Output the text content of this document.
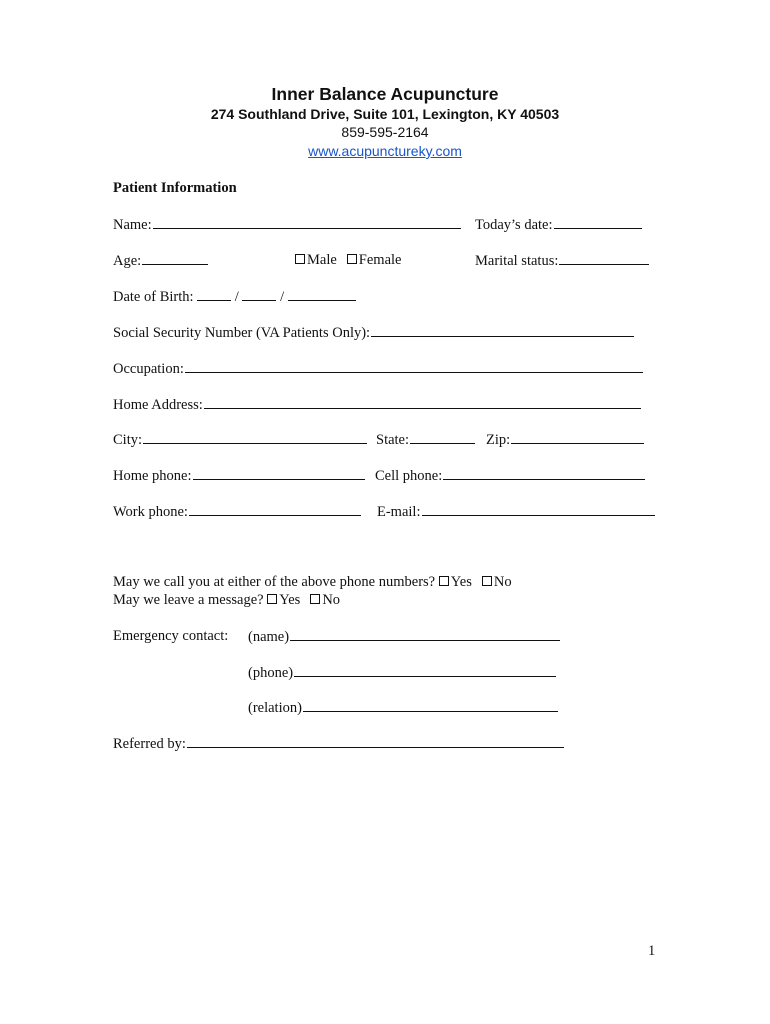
Inner Balance Acupuncture
274 Southland Drive, Suite 101, Lexington, KY 40503
859-595-2164
www.acupunctureky.com
Patient Information
Name:	Today’s date:
Age:	Male Female	Marital status:
Date of Birth:	/	/
Social Security Number (VA Patients Only):
Occupation:
Home Address:
City:	State:	Zip:
Home phone:	Cell phone:
Work phone:	E-mail:
May we call you at either of the above phone numbers? Yes No
May we leave a message? Yes No
Emergency contact: (name)
(phone)
(relation)
Referred by:
1
